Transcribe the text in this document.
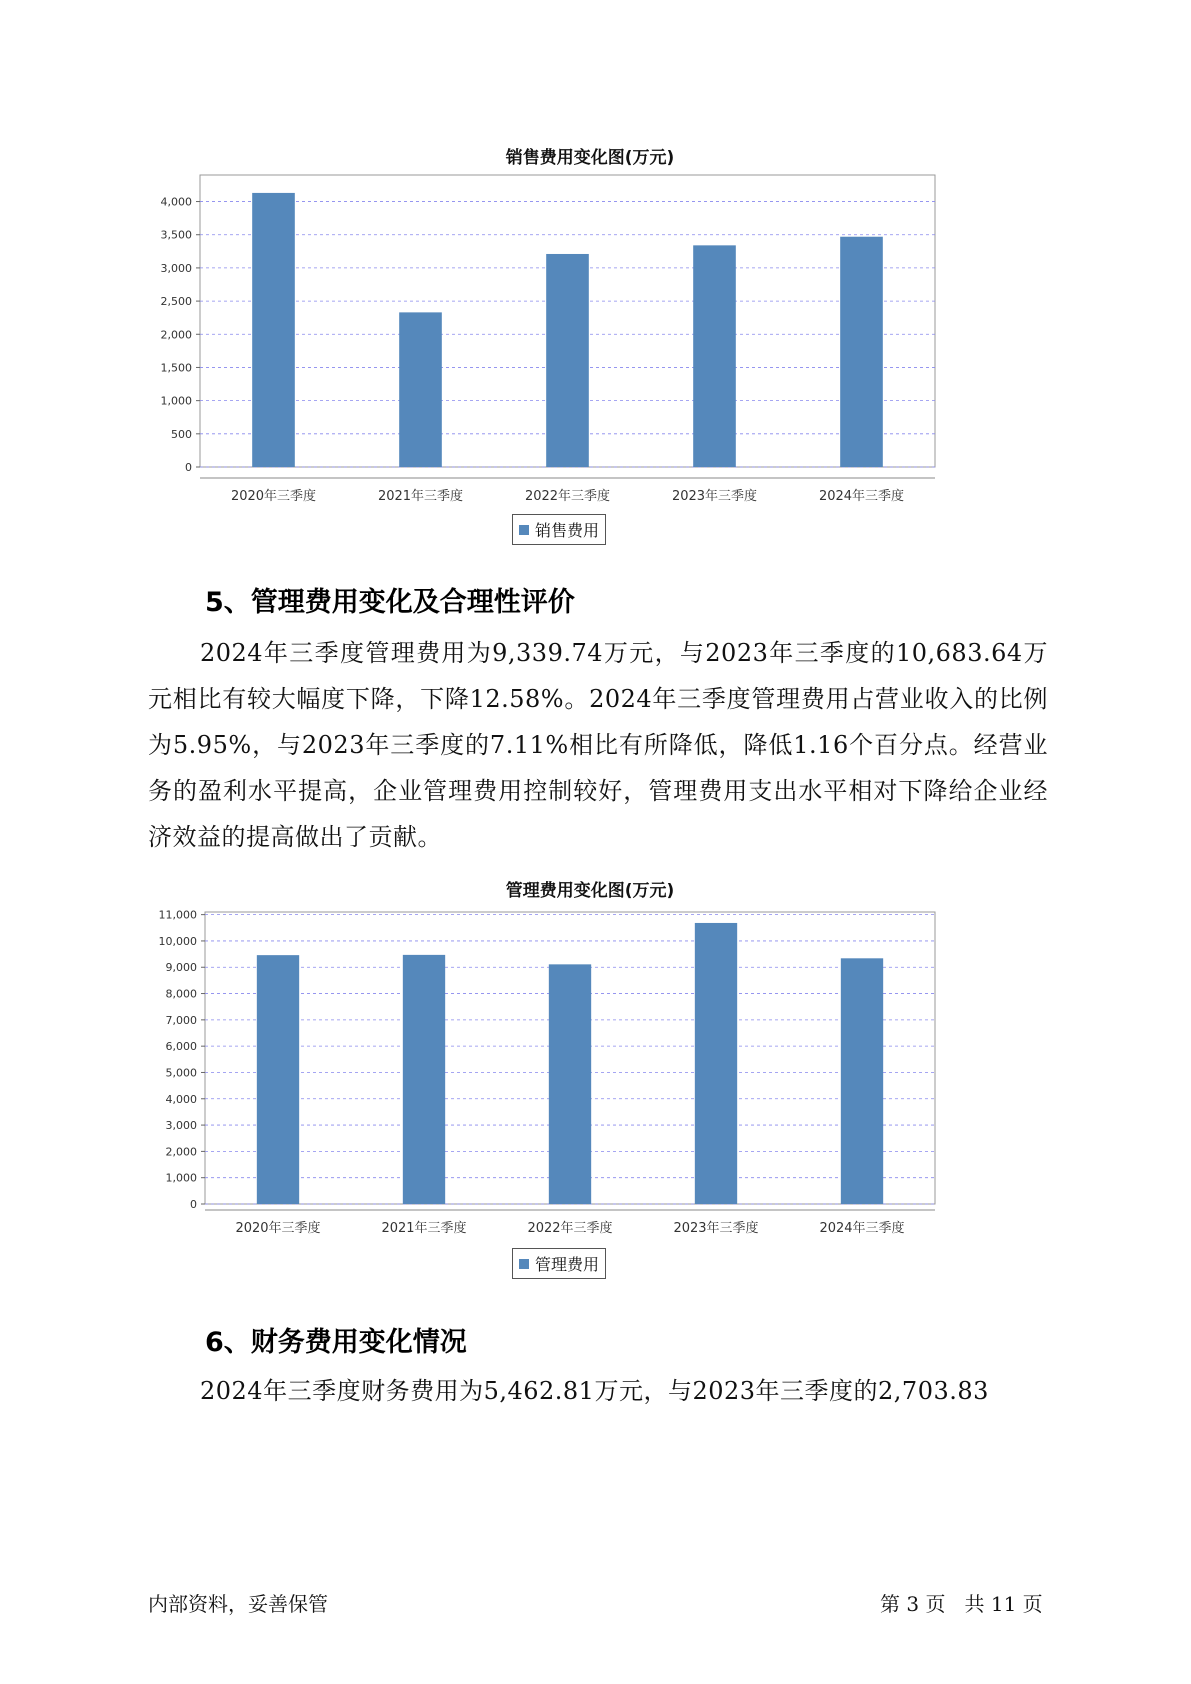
销售费用变化图(万元)
0
500
1,000
1,500
2,000
2,500
3,000
3,500
4,000
2020年三季度	2021年三季度	2022年三季度	2023年三季度	2024年三季度
销售费用
5、管理费用变化及合理性评价
2024年三季度管理费用为9,339.74万元，与2023年三季度的10,683.64万元相比有较大幅度下降，下降12.58%。2024年三季度管理费用占营业收入的比例为5.95%，与2023年三季度的7.11%相比有所降低，降低1.16个百分点。经营业务的盈利水平提高，企业管理费用控制较好，管理费用支出水平相对下降给企业经济效益的提高做出了贡献。
管理费用变化图(万元)
0
1,000
2,000
3,000
4,000
5,000
6,000
7,000
8,000
9,000
10,000
11,000
2020年三季度	2021年三季度	2022年三季度	2023年三季度	2024年三季度
管理费用
6、财务费用变化情况
2024年三季度财务费用为5,462.81万元，与2023年三季度的2,703.83
内部资料，妥善保管	第 3 页   共 11 页
